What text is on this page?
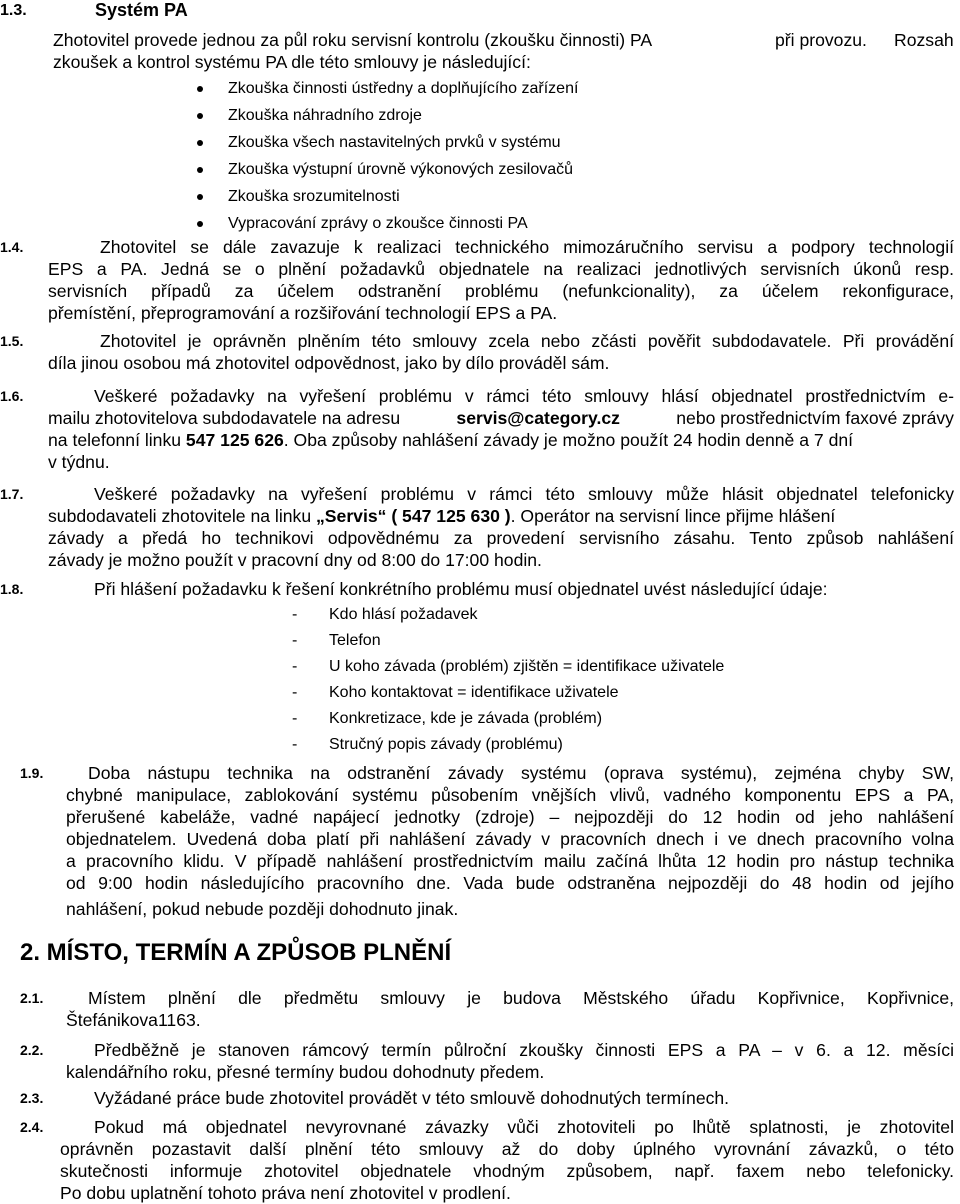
1.3.	Systém PA
Zhotovitel provede jednou za půl roku servisní kontrolu (zkoušku činnosti) PA	při provozu. Rozsah
zkoušek a kontrol systému PA dle této smlouvy je následující:
Zkouška činnosti ústředny a doplňujícího zařízení
Zkouška náhradního zdroje
Zkouška všech nastavitelných prvků v systému
Zkouška výstupní úrovně výkonových zesilovačů
Zkouška srozumitelnosti
Vypracování zprávy o zkoušce činnosti PA
1.4.	Zhotovitel se dále zavazuje k realizaci technického mimozáručního servisu a podpory technologií
EPS a PA. Jedná se o plnění požadavků objednatele na realizaci jednotlivých servisních úkonů resp.
servisních případů za účelem odstranění problému (nefunkcionality), za účelem rekonfigurace,
přemístění, přeprogramování a rozšiřování technologií EPS a PA.
1.5.	Zhotovitel je oprávněn plněním této smlouvy zcela nebo zčásti pověřit subdodavatele. Při provádění
díla jinou osobou má zhotovitel odpovědnost, jako by dílo prováděl sám.
1.6.	Veškeré požadavky na vyřešení problému v rámci této smlouvy hlásí objednatel prostřednictvím e-
mailu zhotovitelova subdodavatele na adresu	servis@category.cz	nebo prostřednictvím faxové zprávy
na telefonní linku 547 125 626. Oba způsoby nahlášení závady je možno použít 24 hodin denně a 7 dní
v týdnu.
1.7.	Veškeré požadavky na vyřešení problému v rámci této smlouvy může hlásit objednatel telefonicky
subdodavateli zhotovitele na linku „Servis“ ( 547 125 630 ). Operátor na servisní lince přijme hlášení
závady a předá ho technikovi odpovědnému za provedení servisního zásahu. Tento způsob nahlášení
závady je možno použít v pracovní dny od 8:00 do 17:00 hodin.
1.8.	Při hlášení požadavku k řešení konkrétního problému musí objednatel uvést následující údaje:
- Kdo hlásí požadavek
- Telefon
- U koho závada (problém) zjištěn = identifikace uživatele
- Koho kontaktovat = identifikace uživatele
- Konkretizace, kde je závada (problém)
- Stručný popis závady (problému)
1.9.	Doba nástupu technika na odstranění závady systému (oprava systému), zejména chyby SW,
chybné manipulace, zablokování systému působením vnějších vlivů, vadného komponentu EPS a PA,
přerušené kabeláže, vadné napájecí jednotky (zdroje) – nejpozději do 12 hodin od jeho nahlášení
objednatelem. Uvedená doba platí při nahlášení závady v pracovních dnech i ve dnech pracovního volna
a pracovního klidu. V případě nahlášení prostřednictvím mailu začíná lhůta 12 hodin pro nástup technika
od 9:00 hodin následujícího pracovního dne. Vada bude odstraněna nejpozději do 48 hodin od jejího
nahlášení, pokud nebude později dohodnuto jinak.
2. MÍSTO, TERMÍN A ZPŮSOB PLNĚNÍ
2.1.	Místem plnění dle předmětu smlouvy je budova Městského úřadu Kopřivnice, Kopřivnice,
Štefánikova1163.
2.2.	Předběžně je stanoven rámcový termín půlroční zkoušky činnosti EPS a PA – v 6. a 12. měsíci
kalendářního roku, přesné termíny budou dohodnuty předem.
2.3.	Vyžádané práce bude zhotovitel provádět v této smlouvě dohodnutých termínech.
2.4.	Pokud má objednatel nevyrovnané závazky vůči zhotoviteli po lhůtě splatnosti, je zhotovitel
oprávněn pozastavit další plnění této smlouvy až do doby úplného vyrovnání závazků, o této
skutečnosti informuje zhotovitel objednatele vhodným způsobem, např. faxem nebo telefonicky.
Po dobu uplatnění tohoto práva není zhotovitel v prodlení.
